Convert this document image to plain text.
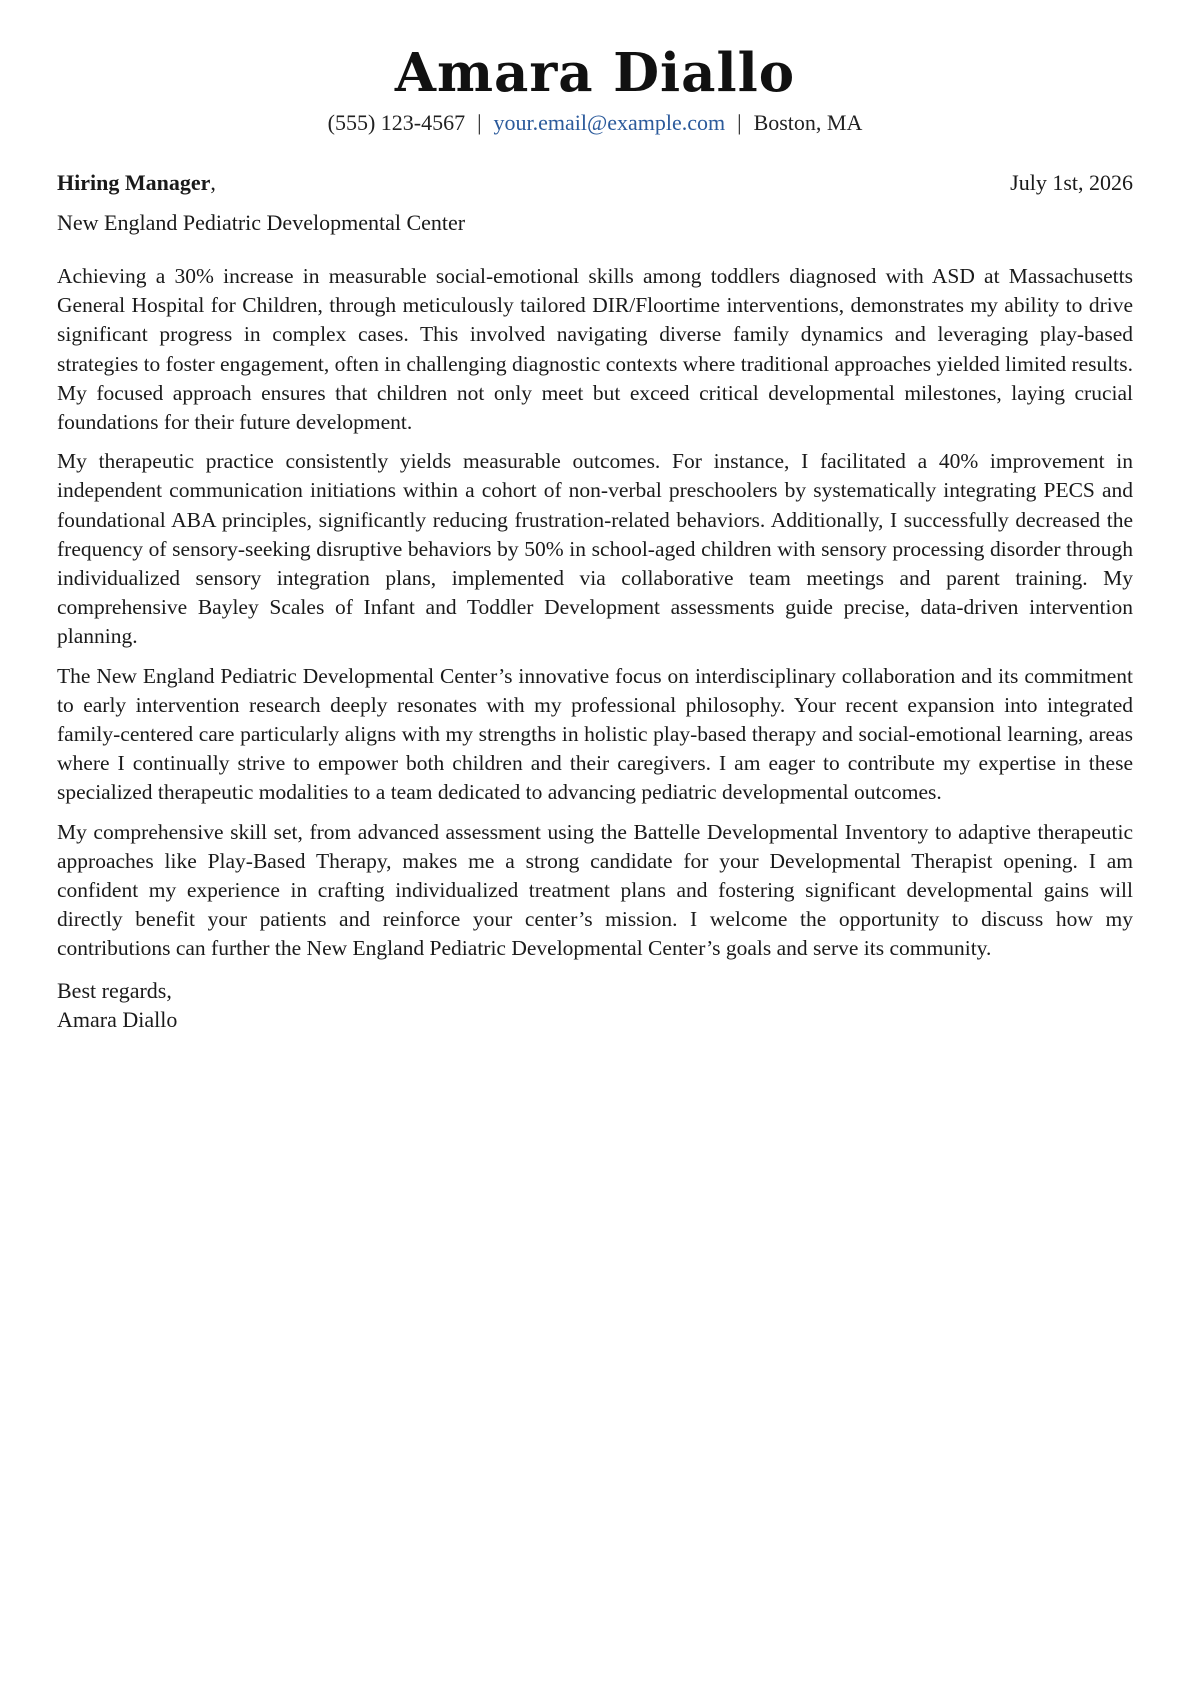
Amara Diallo
(555) 123-4567 | your.email@example.com | Boston, MA
Hiring Manager,	July 1st, 2026
New England Pediatric Developmental Center

Achieving a 30% increase in measurable social-emotional skills among toddlers diagnosed with ASD at Massachusetts General Hospital for Children, through meticulously tailored DIR/Floortime interventions, demonstrates my ability to drive significant progress in complex cases. This involved navigating diverse family dynamics and leveraging play-based strategies to foster engagement, often in challenging diagnostic contexts where traditional approaches yielded limited results. My focused approach ensures that children not only meet but exceed critical developmental milestones, laying crucial foundations for their future development.

My therapeutic practice consistently yields measurable outcomes. For instance, I facilitated a 40% improvement in independent communication initiations within a cohort of non-verbal preschoolers by systematically integrating PECS and foundational ABA principles, significantly reducing frustration-related behaviors. Additionally, I successfully decreased the frequency of sensory-seeking disruptive behaviors by 50% in school-aged children with sensory processing disorder through individualized sensory integration plans, implemented via collaborative team meetings and parent training. My comprehensive Bayley Scales of Infant and Toddler Development assessments guide precise, data-driven intervention planning.

The New England Pediatric Developmental Center’s innovative focus on interdisciplinary collaboration and its commitment to early intervention research deeply resonates with my professional philosophy. Your recent expansion into integrated family-centered care particularly aligns with my strengths in holistic play-based therapy and social-emotional learning, areas where I continually strive to empower both children and their caregivers. I am eager to contribute my expertise in these specialized therapeutic modalities to a team dedicated to advancing pediatric developmental outcomes.

My comprehensive skill set, from advanced assessment using the Battelle Developmental Inventory to adaptive therapeutic approaches like Play-Based Therapy, makes me a strong candidate for your Developmental Therapist opening. I am confident my experience in crafting individualized treatment plans and fostering significant developmental gains will directly benefit your patients and reinforce your center’s mission. I welcome the opportunity to discuss how my contributions can further the New England Pediatric Developmental Center’s goals and serve its community.

Best regards,
Amara Diallo
